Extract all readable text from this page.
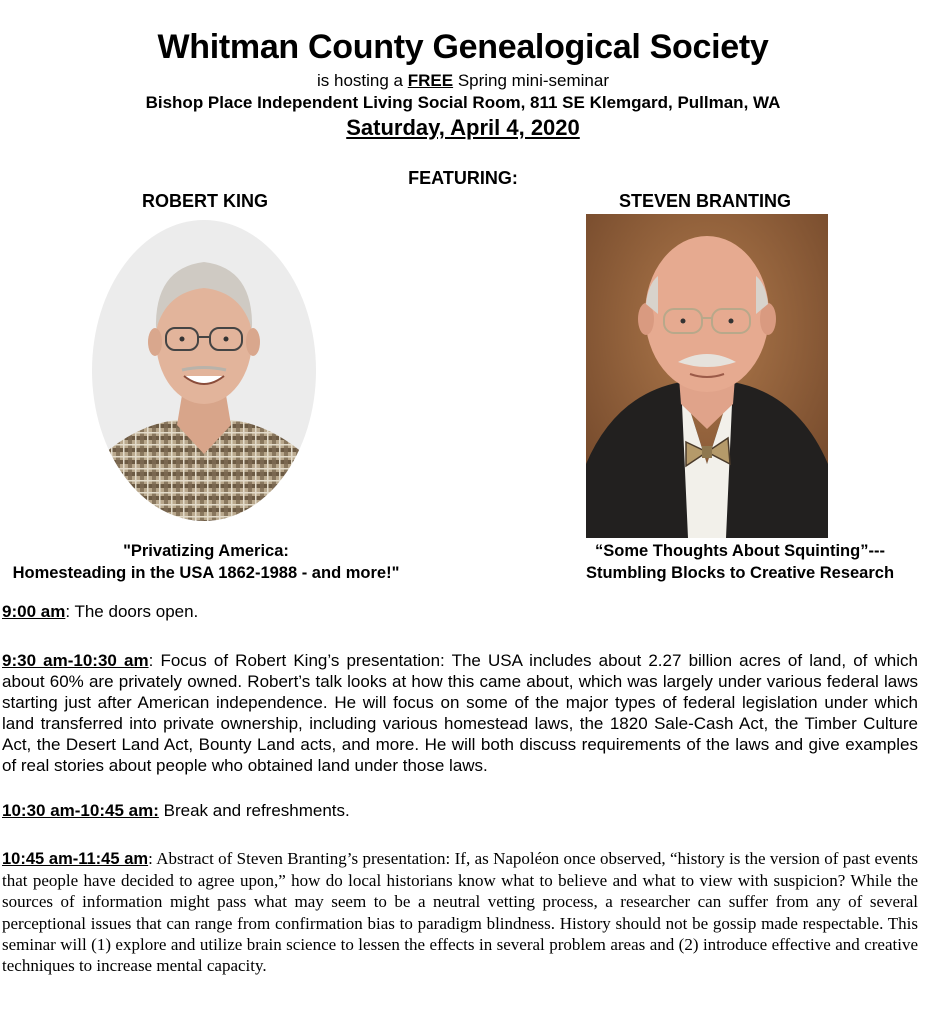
Whitman County Genealogical Society
is hosting a FREE Spring mini-seminar
Bishop Place Independent Living Social Room, 811 SE Klemgard, Pullman, WA
Saturday, April 4, 2020
FEATURING:
ROBERT KING	STEVEN BRANTING
"Privatizing America:
Homesteading in the USA 1862-1988 - and more!"
“Some Thoughts About Squinting”---
Stumbling Blocks to Creative Research
9:00 am: The doors open.
9:30 am-10:30 am: Focus of Robert King’s presentation: The USA includes about 2.27 billion acres of land, of which about 60% are privately owned. Robert’s talk looks at how this came about, which was largely under various federal laws starting just after American independence. He will focus on some of the major types of federal legislation under which land transferred into private ownership, including various homestead laws, the 1820 Sale-Cash Act, the Timber Culture Act, the Desert Land Act, Bounty Land acts, and more. He will both discuss requirements of the laws and give examples of real stories about people who obtained land under those laws.
10:30 am-10:45 am: Break and refreshments.
10:45 am-11:45 am: Abstract of Steven Branting’s presentation: If, as Napoléon once observed, “history is the version of past events that people have decided to agree upon,” how do local historians know what to believe and what to view with suspicion? While the sources of information might pass what may seem to be a neutral vetting process, a researcher can suffer from any of several perceptional issues that can range from confirmation bias to paradigm blindness. History should not be gossip made respectable. This seminar will (1) explore and utilize brain science to lessen the effects in several problem areas and (2) introduce effective and creative techniques to increase mental capacity.
